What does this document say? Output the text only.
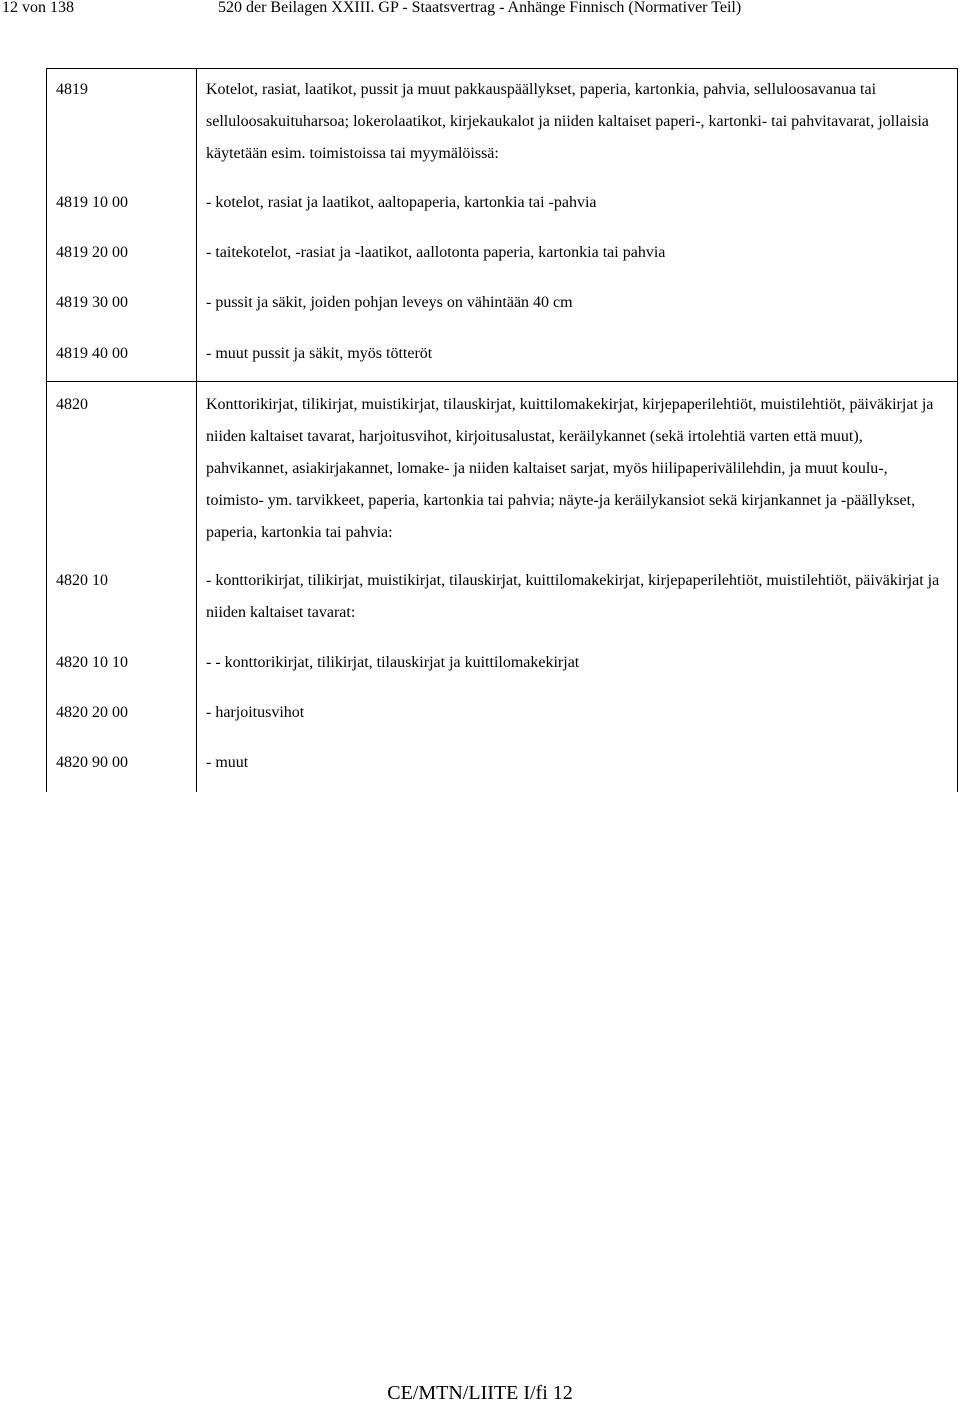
12 von 138	520 der Beilagen XXIII. GP - Staatsvertrag - Anhänge Finnisch (Normativer Teil)
4819	Kotelot, rasiat, laatikot, pussit ja muut pakkauspäällykset, paperia, kartonkia, pahvia, selluloosavanua tai selluloosakuituharsoa; lokerolaatikot, kirjekaukalot ja niiden kaltaiset paperi-, kartonki- tai pahvitavarat, jollaisia käytetään esim. toimistoissa tai myymälöissä:
4819 10 00	- kotelot, rasiat ja laatikot, aaltopaperia, kartonkia tai -pahvia
4819 20 00	- taitekotelot, -rasiat ja -laatikot, aallotonta paperia, kartonkia tai pahvia
4819 30 00	- pussit ja säkit, joiden pohjan leveys on vähintään 40 cm
4819 40 00	- muut pussit ja säkit, myös tötteröt
4820	Konttorikirjat, tilikirjat, muistikirjat, tilauskirjat, kuittilomakekirjat, kirjepaperilehtiöt, muistilehtiöt, päiväkirjat ja niiden kaltaiset tavarat, harjoitusvihot, kirjoitusalustat, keräilykannet (sekä irtolehtiä varten että muut), pahvikannet, asiakirjakannet, lomake- ja niiden kaltaiset sarjat, myös hiilipaperivälilehdin, ja muut koulu-, toimisto- ym. tarvikkeet, paperia, kartonkia tai pahvia; näyte-ja keräilykansiot sekä kirjankannet ja -päällykset, paperia, kartonkia tai pahvia:
4820 10	- konttorikirjat, tilikirjat, muistikirjat, tilauskirjat, kuittilomakekirjat, kirjepaperilehtiöt, muistilehtiöt, päiväkirjat ja niiden kaltaiset tavarat:
4820 10 10	- - konttorikirjat, tilikirjat, tilauskirjat ja kuittilomakekirjat
4820 20 00	- harjoitusvihot
4820 90 00	- muut
CE/MTN/LIITE I/fi 12
